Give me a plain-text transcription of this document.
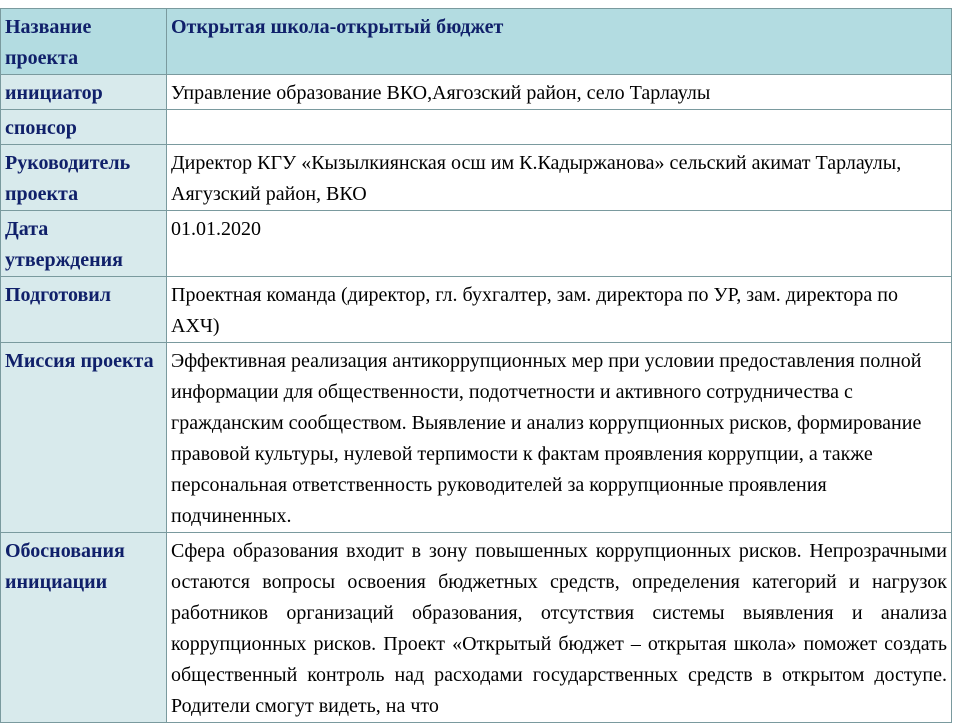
Название проекта	Открытая школа-открытый бюджет
инициатор	Управление образование ВКО,Аягозский район, село Тарлаулы
спонсор	
Руководитель проекта	Директор КГУ «Кызылкиянская осш им К.Кадыржанова» сельский акимат Тарлаулы, Аягузский район, ВКО
Дата утверждения	01.01.2020
Подготовил	Проектная команда (директор, гл. бухгалтер, зам. директора по УР, зам. директора по АХЧ)
Миссия проекта	Эффективная реализация антикоррупционных мер при условии предоставления полной информации для общественности, подотчетности и активного сотрудничества с гражданским сообществом. Выявление и анализ коррупционных рисков, формирование правовой культуры, нулевой терпимости к фактам проявления коррупции, а также персональная ответственность руководителей за коррупционные проявления подчиненных.
Обоснования инициации	Сфера образования входит в зону повышенных коррупционных рисков. Непрозрачными остаются вопросы освоения бюджетных средств, определения категорий и нагрузок работников организаций образования, отсутствия системы выявления и анализа коррупционных рисков. Проект «Открытый бюджет – открытая школа» поможет создать общественный контроль над расходами государственных средств в открытом доступе. Родители смогут видеть, на что
